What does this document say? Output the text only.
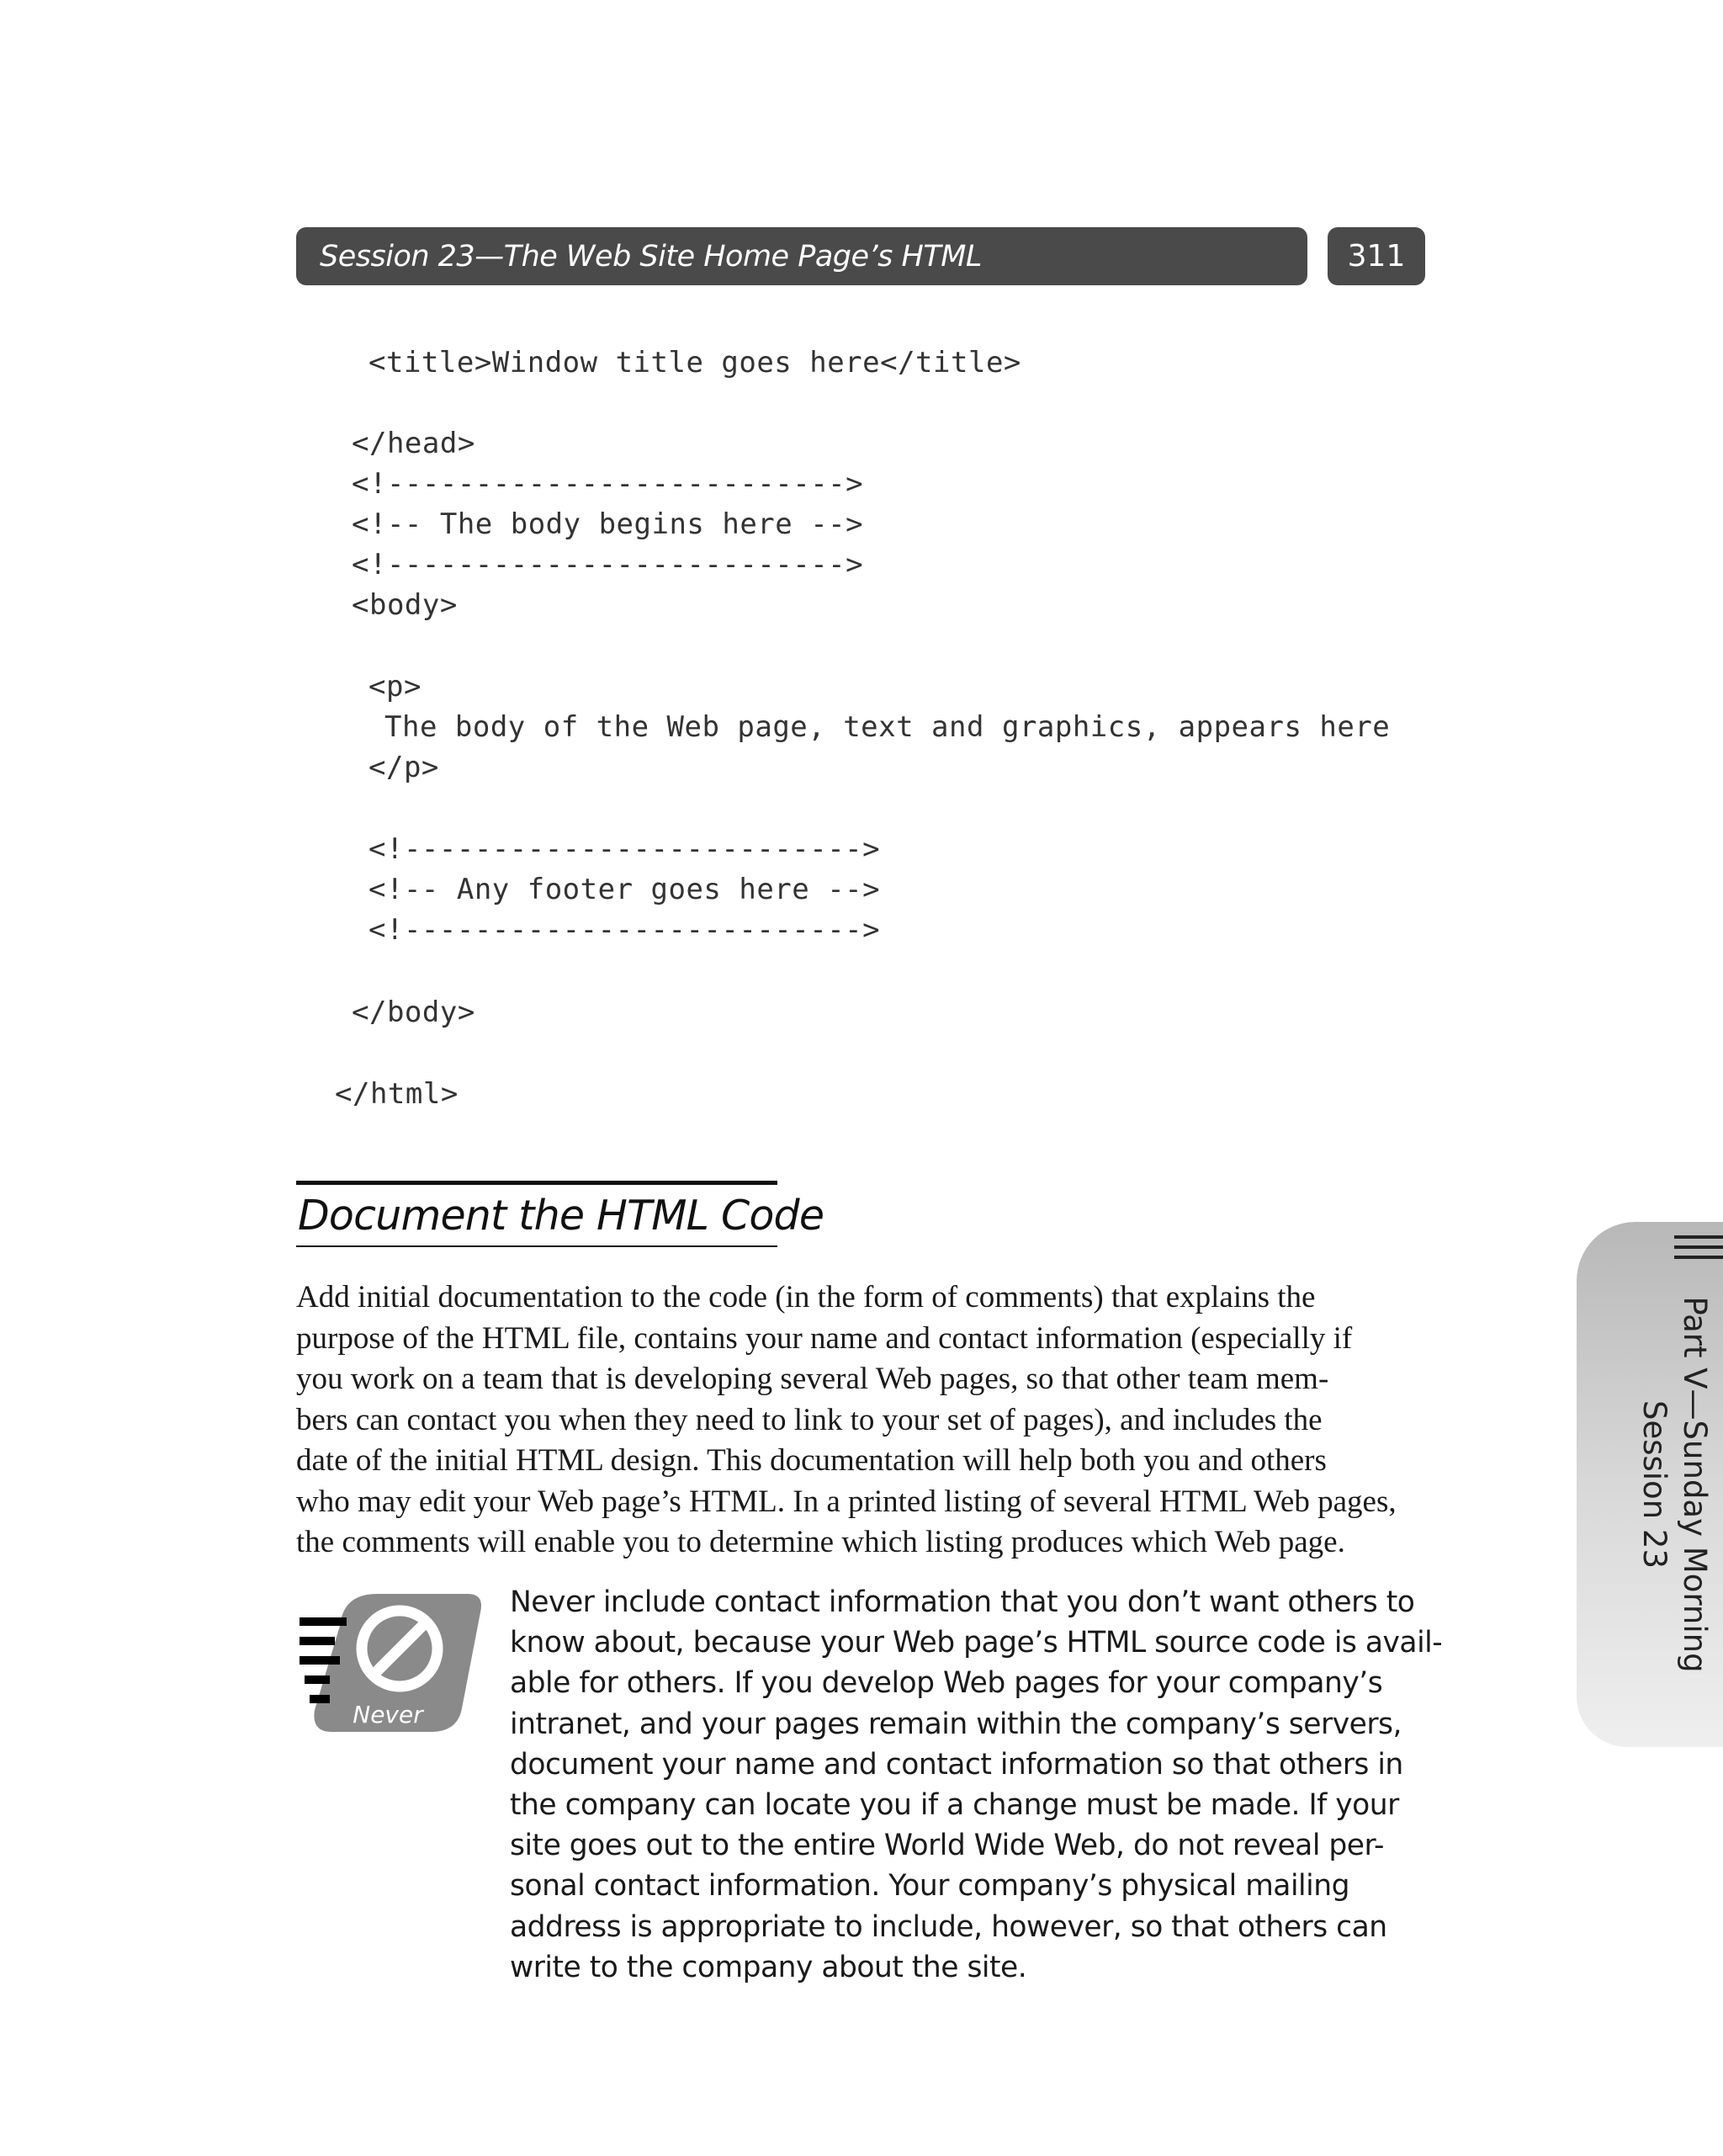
Session 23—The Web Site Home Page’s HTML	311
<title>Window title goes here</title>
</head>
<!-------------------------->
<!-- The body begins here -->
<!-------------------------->
<body>
<p>
The body of the Web page, text and graphics, appears here
</p>
<!-------------------------->
<!-- Any footer goes here -->
<!-------------------------->
</body>
</html>
Document the HTML Code
Add initial documentation to the code (in the form of comments) that explains the
purpose of the HTML file, contains your name and contact information (especially if
you work on a team that is developing several Web pages, so that other team mem-
bers can contact you when they need to link to your set of pages), and includes the
date of the initial HTML design. This documentation will help both you and others
who may edit your Web page’s HTML. In a printed listing of several HTML Web pages,
the comments will enable you to determine which listing produces which Web page.
Never
Never include contact information that you don’t want others to
know about, because your Web page’s HTML source code is avail-
able for others. If you develop Web pages for your company’s
intranet, and your pages remain within the company’s servers,
document your name and contact information so that others in
the company can locate you if a change must be made. If your
site goes out to the entire World Wide Web, do not reveal per-
sonal contact information. Your company’s physical mailing
address is appropriate to include, however, so that others can
write to the company about the site.
Part V—Sunday Morning
Session 23
